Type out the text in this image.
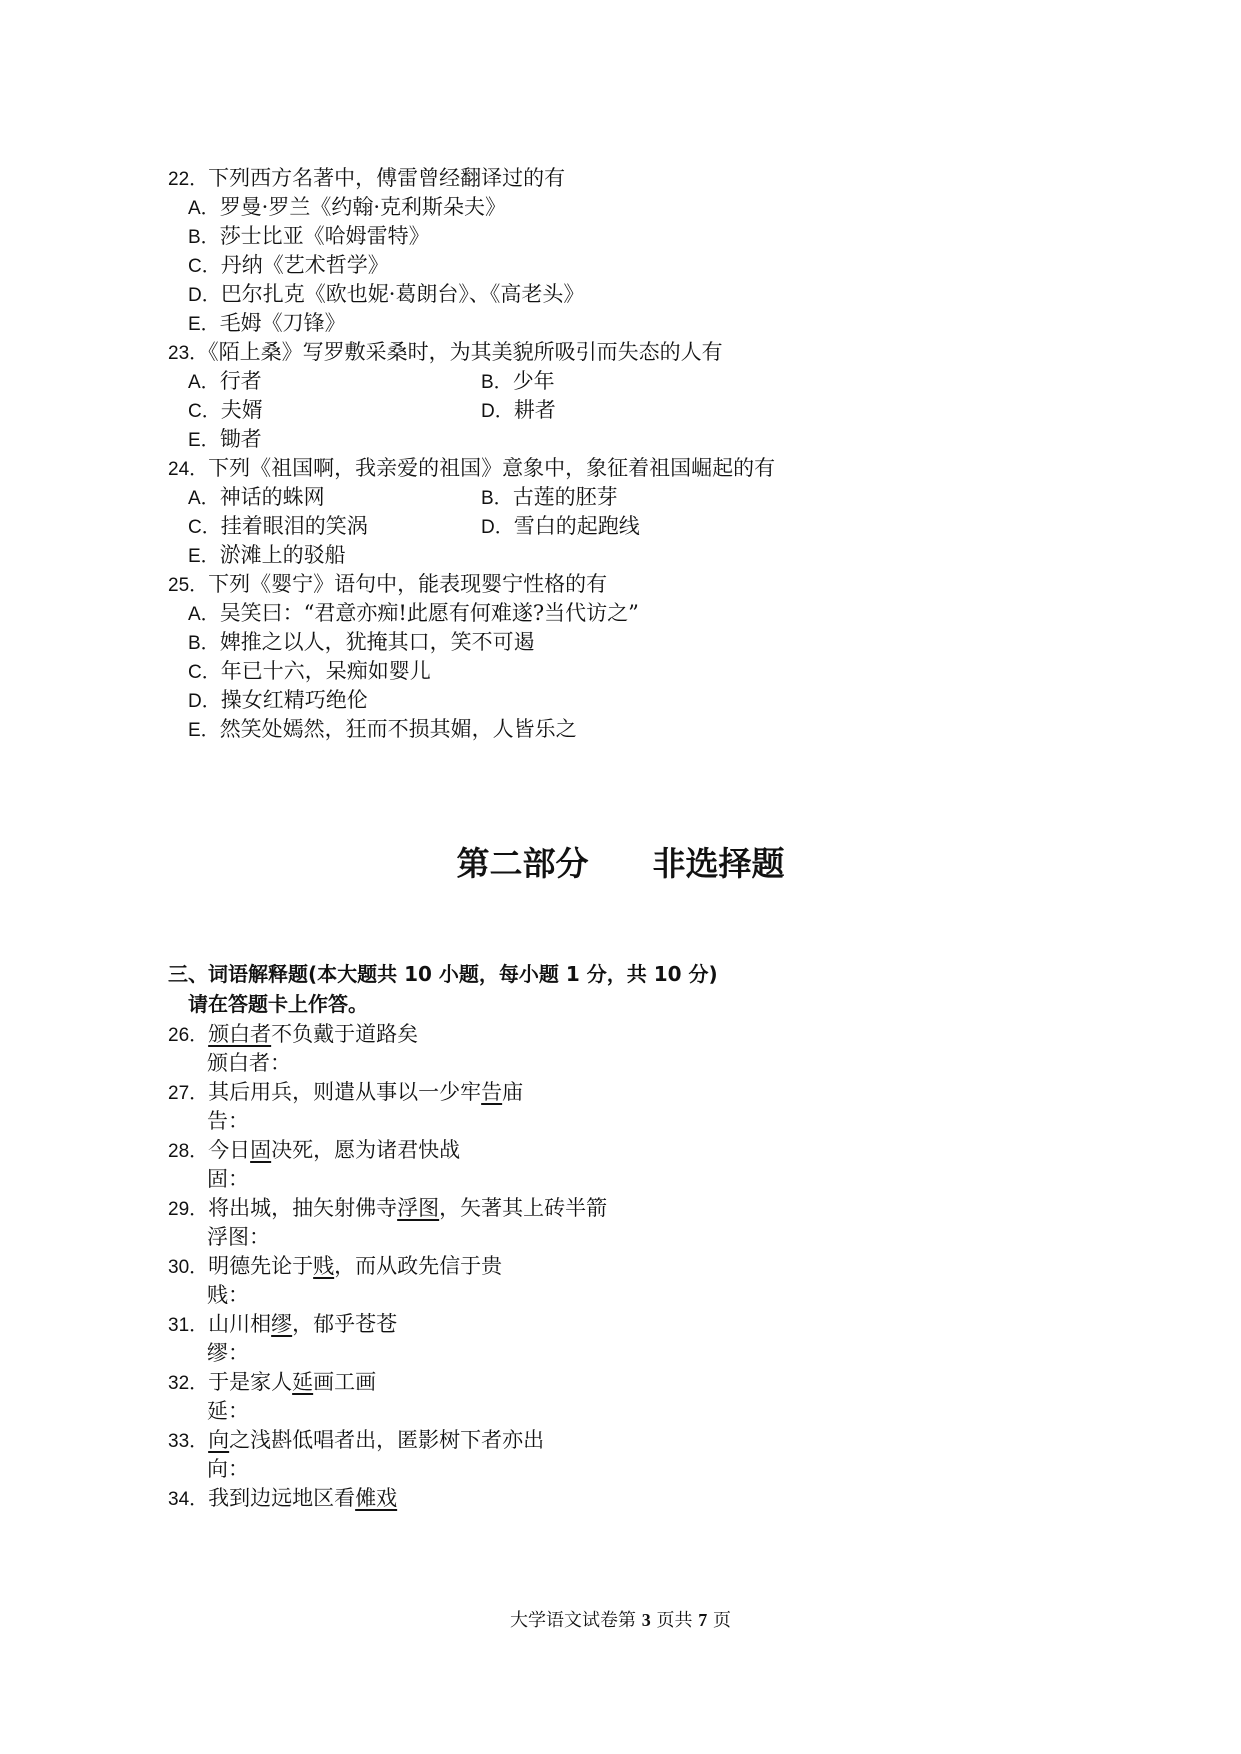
22．下列西方名著中，傅雷曾经翻译过的有
A．罗曼·罗兰《约翰·克利斯朵夫》
B．莎士比亚《哈姆雷特》
C．丹纳《艺术哲学》
D．巴尔扎克《欧也妮·葛朗台》、《高老头》
E．毛姆《刀锋》
23．《陌上桑》写罗敷采桑时，为其美貌所吸引而失态的人有
A．行者	B．少年
C．夫婿	D．耕者
E．锄者
24．下列《祖国啊，我亲爱的祖国》意象中，象征着祖国崛起的有
A．神话的蛛网	B．古莲的胚芽
C．挂着眼泪的笑涡	D．雪白的起跑线
E．淤滩上的驳船
25．下列《婴宁》语句中，能表现婴宁性格的有
A．吴笑曰：“君意亦痴!此愿有何难遂?当代访之”
B．婢推之以人，犹掩其口，笑不可遏
C．年已十六，呆痴如婴儿
D．操女红精巧绝伦
E．然笑处嫣然，狂而不损其媚，人皆乐之
第二部分 非选择题
三、词语解释题(本大题共 10 小题，每小题 1 分，共 10 分)
请在答题卡上作答。
26．颁白者不负戴于道路矣
颁白者：
27．其后用兵，则遣从事以一少牢告庙
告：
28．今日固决死，愿为诸君快战
固：
29．将出城，抽矢射佛寺浮图，矢著其上砖半箭
浮图：
30．明德先论于贱，而从政先信于贵
贱：
31．山川相缪，郁乎苍苍
缪：
32．于是家人延画工画
延：
33．向之浅斟低唱者出，匿影树下者亦出
向：
34．我到边远地区看傩戏
大学语文试卷第 3 页共 7 页
